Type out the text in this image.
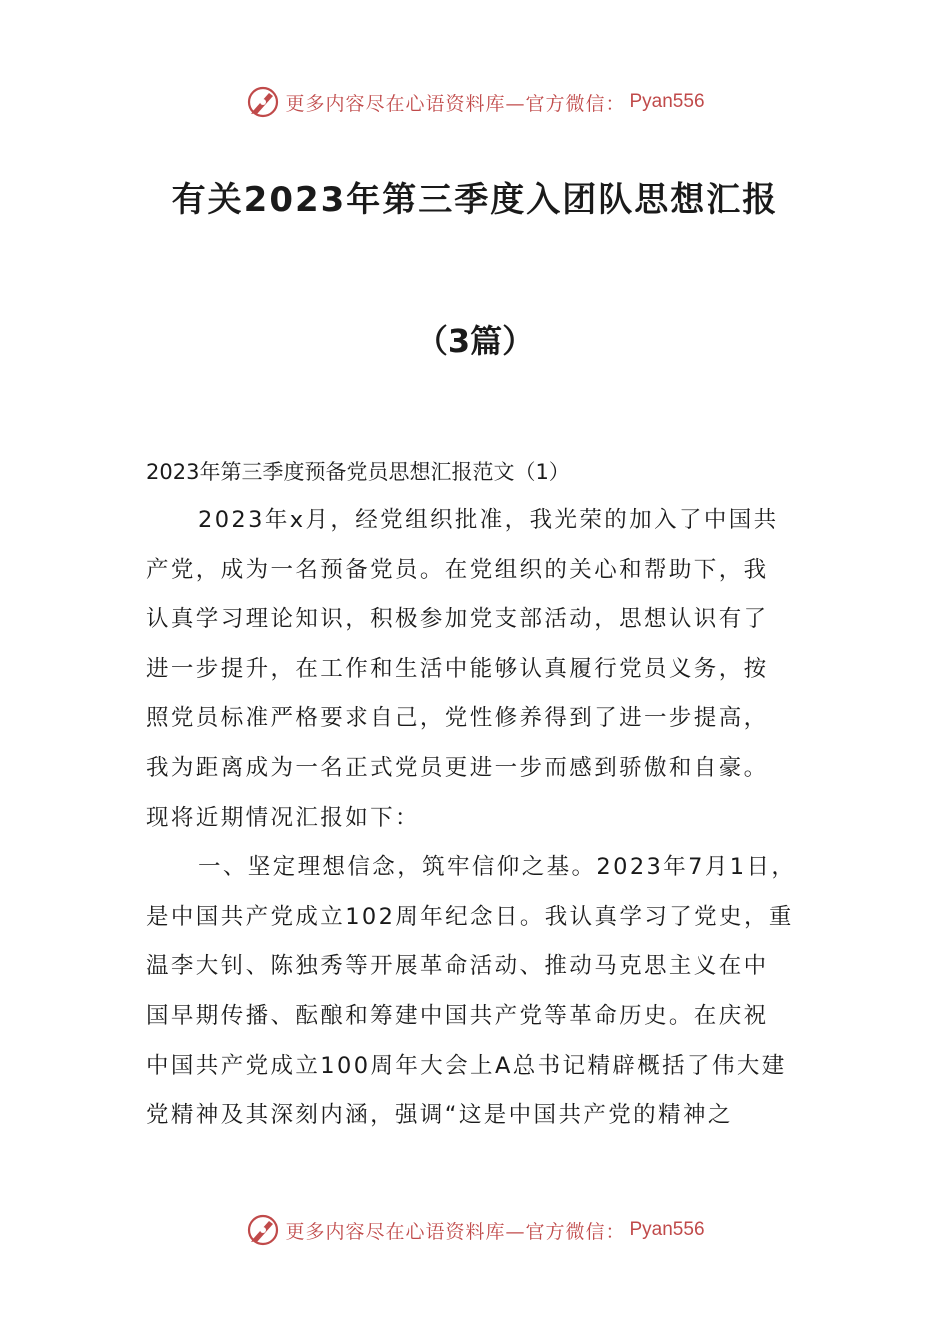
更多内容尽在心语资料库—官方微信： Pyan556
有关2023年第三季度入团队思想汇报
（3篇）
2023年第三季度预备党员思想汇报范文（1）
2023年x月，经党组织批准，我光荣的加入了中国共
产党，成为一名预备党员。在党组织的关心和帮助下，我
认真学习理论知识，积极参加党支部活动，思想认识有了
进一步提升，在工作和生活中能够认真履行党员义务，按
照党员标准严格要求自己，党性修养得到了进一步提高，
我为距离成为一名正式党员更进一步而感到骄傲和自豪。
现将近期情况汇报如下：
一、坚定理想信念，筑牢信仰之基。2023年7月1日，
是中国共产党成立102周年纪念日。我认真学习了党史，重
温李大钊、陈独秀等开展革命活动、推动马克思主义在中
国早期传播、酝酿和筹建中国共产党等革命历史。在庆祝
中国共产党成立100周年大会上A总书记精辟概括了伟大建
党精神及其深刻内涵，强调“这是中国共产党的精神之
更多内容尽在心语资料库—官方微信： Pyan556
